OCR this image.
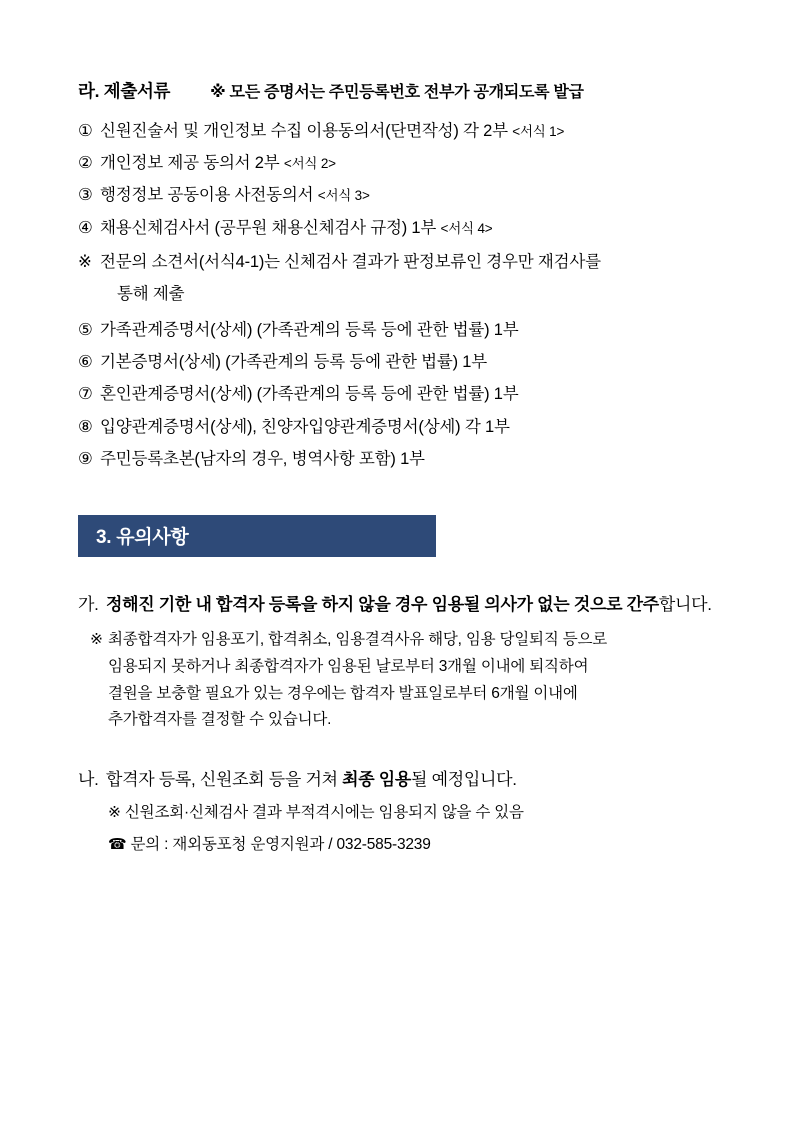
라. 제출서류	※ 모든 증명서는 주민등록번호 전부가 공개되도록 발급
① 신원진술서 및 개인정보 수집 이용동의서(단면작성) 각 2부 <서식 1>
② 개인정보 제공 동의서 2부 <서식 2>
③ 행정정보 공동이용 사전동의서 <서식 3>
④ 채용신체검사서 (공무원 채용신체검사 규정) 1부 <서식 4>
※ 전문의 소견서(서식4-1)는 신체검사 결과가 판정보류인 경우만 재검사를
통해 제출
⑤ 가족관계증명서(상세) (가족관계의 등록 등에 관한 법률) 1부
⑥ 기본증명서(상세) (가족관계의 등록 등에 관한 법률) 1부
⑦ 혼인관계증명서(상세) (가족관계의 등록 등에 관한 법률) 1부
⑧ 입양관계증명서(상세), 친양자입양관계증명서(상세) 각 1부
⑨ 주민등록초본(남자의 경우, 병역사항 포함) 1부
3. 유의사항
가. 정해진 기한 내 합격자 등록을 하지 않을 경우 임용될 의사가 없는 것으로 간주합니다.
※ 최종합격자가 임용포기, 합격취소, 임용결격사유 해당, 임용 당일퇴직 등으로
임용되지 못하거나 최종합격자가 임용된 날로부터 3개월 이내에 퇴직하여
결원을 보충할 필요가 있는 경우에는 합격자 발표일로부터 6개월 이내에
추가합격자를 결정할 수 있습니다.
나. 합격자 등록, 신원조회 등을 거쳐 최종 임용될 예정입니다.
※ 신원조회·신체검사 결과 부적격시에는 임용되지 않을 수 있음
☎ 문의 : 재외동포청 운영지원과 / 032-585-3239
